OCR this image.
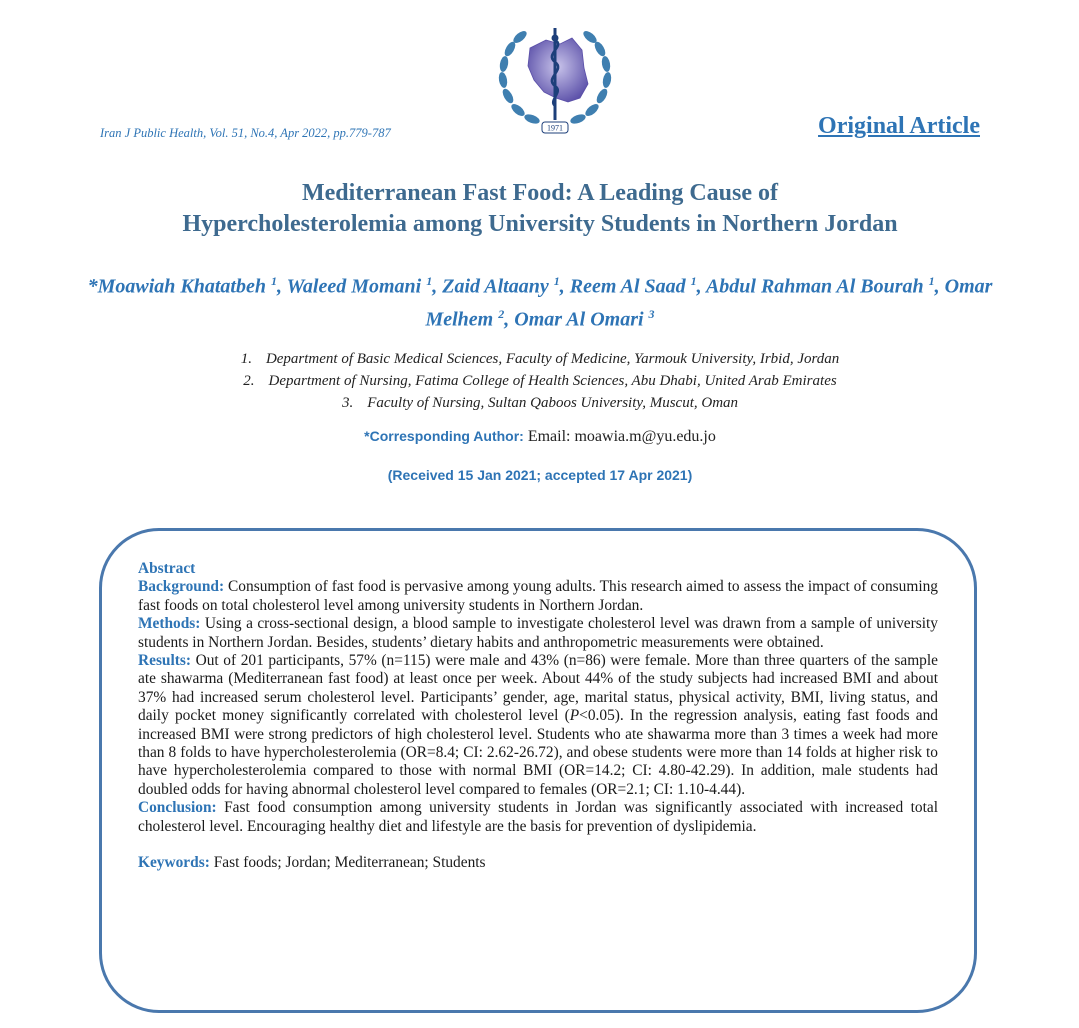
1971
Iran J Public Health, Vol. 51, No.4, Apr 2022, pp.779-787	Original Article
Mediterranean Fast Food: A Leading Cause of
Hypercholesterolemia among University Students in Northern Jordan
*Moawiah Khatatbeh $^1$, Waleed Momani $^1$, Zaid Altaany $^1$, Reem Al Saad $^1$, Abdul Rahman Al Bourah $^1$, Omar Melhem $^2$, Omar Al Omari $^3$
1. Department of Basic Medical Sciences, Faculty of Medicine, Yarmouk University, Irbid, Jordan
2. Department of Nursing, Fatima College of Health Sciences, Abu Dhabi, United Arab Emirates
3. Faculty of Nursing, Sultan Qaboos University, Muscut, Oman
*Corresponding Author: Email: moawia.m@yu.edu.jo
(Received 15 Jan 2021; accepted 17 Apr 2021)

Abstract

Background: Consumption of fast food is pervasive among young adults. This research aimed to assess the impact of consuming fast foods on total cholesterol level among university students in Northern Jordan.

Methods: Using a cross-sectional design, a blood sample to investigate cholesterol level was drawn from a sample of university students in Northern Jordan. Besides, students’ dietary habits and anthropometric measurements were obtained.

Results: Out of 201 participants, 57% (n=115) were male and 43% (n=86) were female. More than three quarters of the sample ate shawarma (Mediterranean fast food) at least once per week. About 44% of the study subjects had increased BMI and about 37% had increased serum cholesterol level. Participants’ gender, age, marital status, physical activity, BMI, living status, and daily pocket money significantly correlated with cholesterol level (P<0.05). In the regression analysis, eating fast foods and increased BMI were strong predictors of high cholesterol level. Students who ate shawarma more than 3 times a week had more than 8 folds to have hypercholesterolemia (OR=8.4; CI: 2.62-26.72), and obese students were more than 14 folds at higher risk to have hypercholesterolemia compared to those with normal BMI (OR=14.2; CI: 4.80-42.29). In addition, male students had doubled odds for having abnormal cholesterol level compared to females (OR=2.1; CI: 1.10-4.44).

Conclusion: Fast food consumption among university students in Jordan was significantly associated with increased total cholesterol level. Encouraging healthy diet and lifestyle are the basis for prevention of dyslipidemia.

Keywords: Fast foods; Jordan; Mediterranean; Students
